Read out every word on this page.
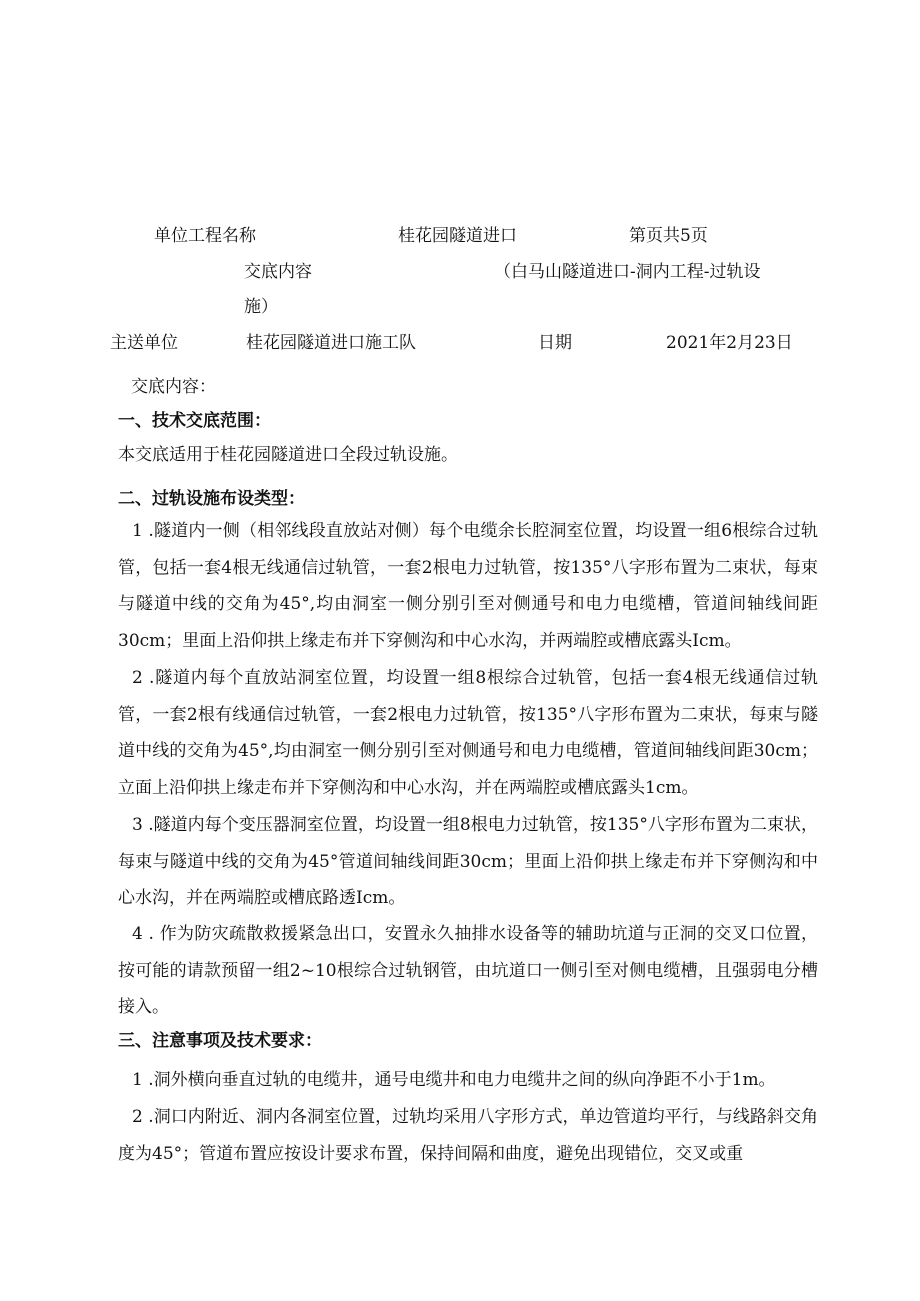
单位工程名称	桂花园隧道进口	第页共5页
交底内容	（白马山隧道进口-洞内工程-过轨设
施）
主送单位	桂花园隧道进口施工队	日期	2021年2月23日
交底内容：
一、技术交底范围：
本交底适用于桂花园隧道进口全段过轨设施。
二、过轨设施布设类型：
1 .隧道内一侧（相邻线段直放站对侧）每个电缆余长腔洞室位置，均设置一组6根综合过轨管，包括一套4根无线通信过轨管，一套2根电力过轨管，按135°八字形布置为二束状，每束与隧道中线的交角为45°,均由洞室一侧分别引至对侧通号和电力电缆槽，管道间轴线间距30cm；里面上沿仰拱上缘走布并下穿侧沟和中心水沟，并两端腔或槽底露头Icm。
2 .隧道内每个直放站洞室位置，均设置一组8根综合过轨管，包括一套4根无线通信过轨管，一套2根有线通信过轨管，一套2根电力过轨管，按135°八字形布置为二束状，每束与隧道中线的交角为45°,均由洞室一侧分别引至对侧通号和电力电缆槽，管道间轴线间距30cm；立面上沿仰拱上缘走布并下穿侧沟和中心水沟，并在两端腔或槽底露头1cm。
3 .隧道内每个变压器洞室位置，均设置一组8根电力过轨管，按135°八字形布置为二束状，每束与隧道中线的交角为45°管道间轴线间距30cm；里面上沿仰拱上缘走布并下穿侧沟和中心水沟，并在两端腔或槽底路透Icm。
4 . 作为防灾疏散救援紧急出口，安置永久抽排水设备等的辅助坑道与正洞的交叉口位置，按可能的请款预留一组2~10根综合过轨钢管，由坑道口一侧引至对侧电缆槽，且强弱电分槽接入。
三、注意事项及技术要求：
1 .洞外横向垂直过轨的电缆井，通号电缆井和电力电缆井之间的纵向净距不小于1m。
2 .洞口内附近、洞内各洞室位置，过轨均采用八字形方式，单边管道均平行，与线路斜交角度为45°；管道布置应按设计要求布置，保持间隔和曲度，避免出现错位，交叉或重
